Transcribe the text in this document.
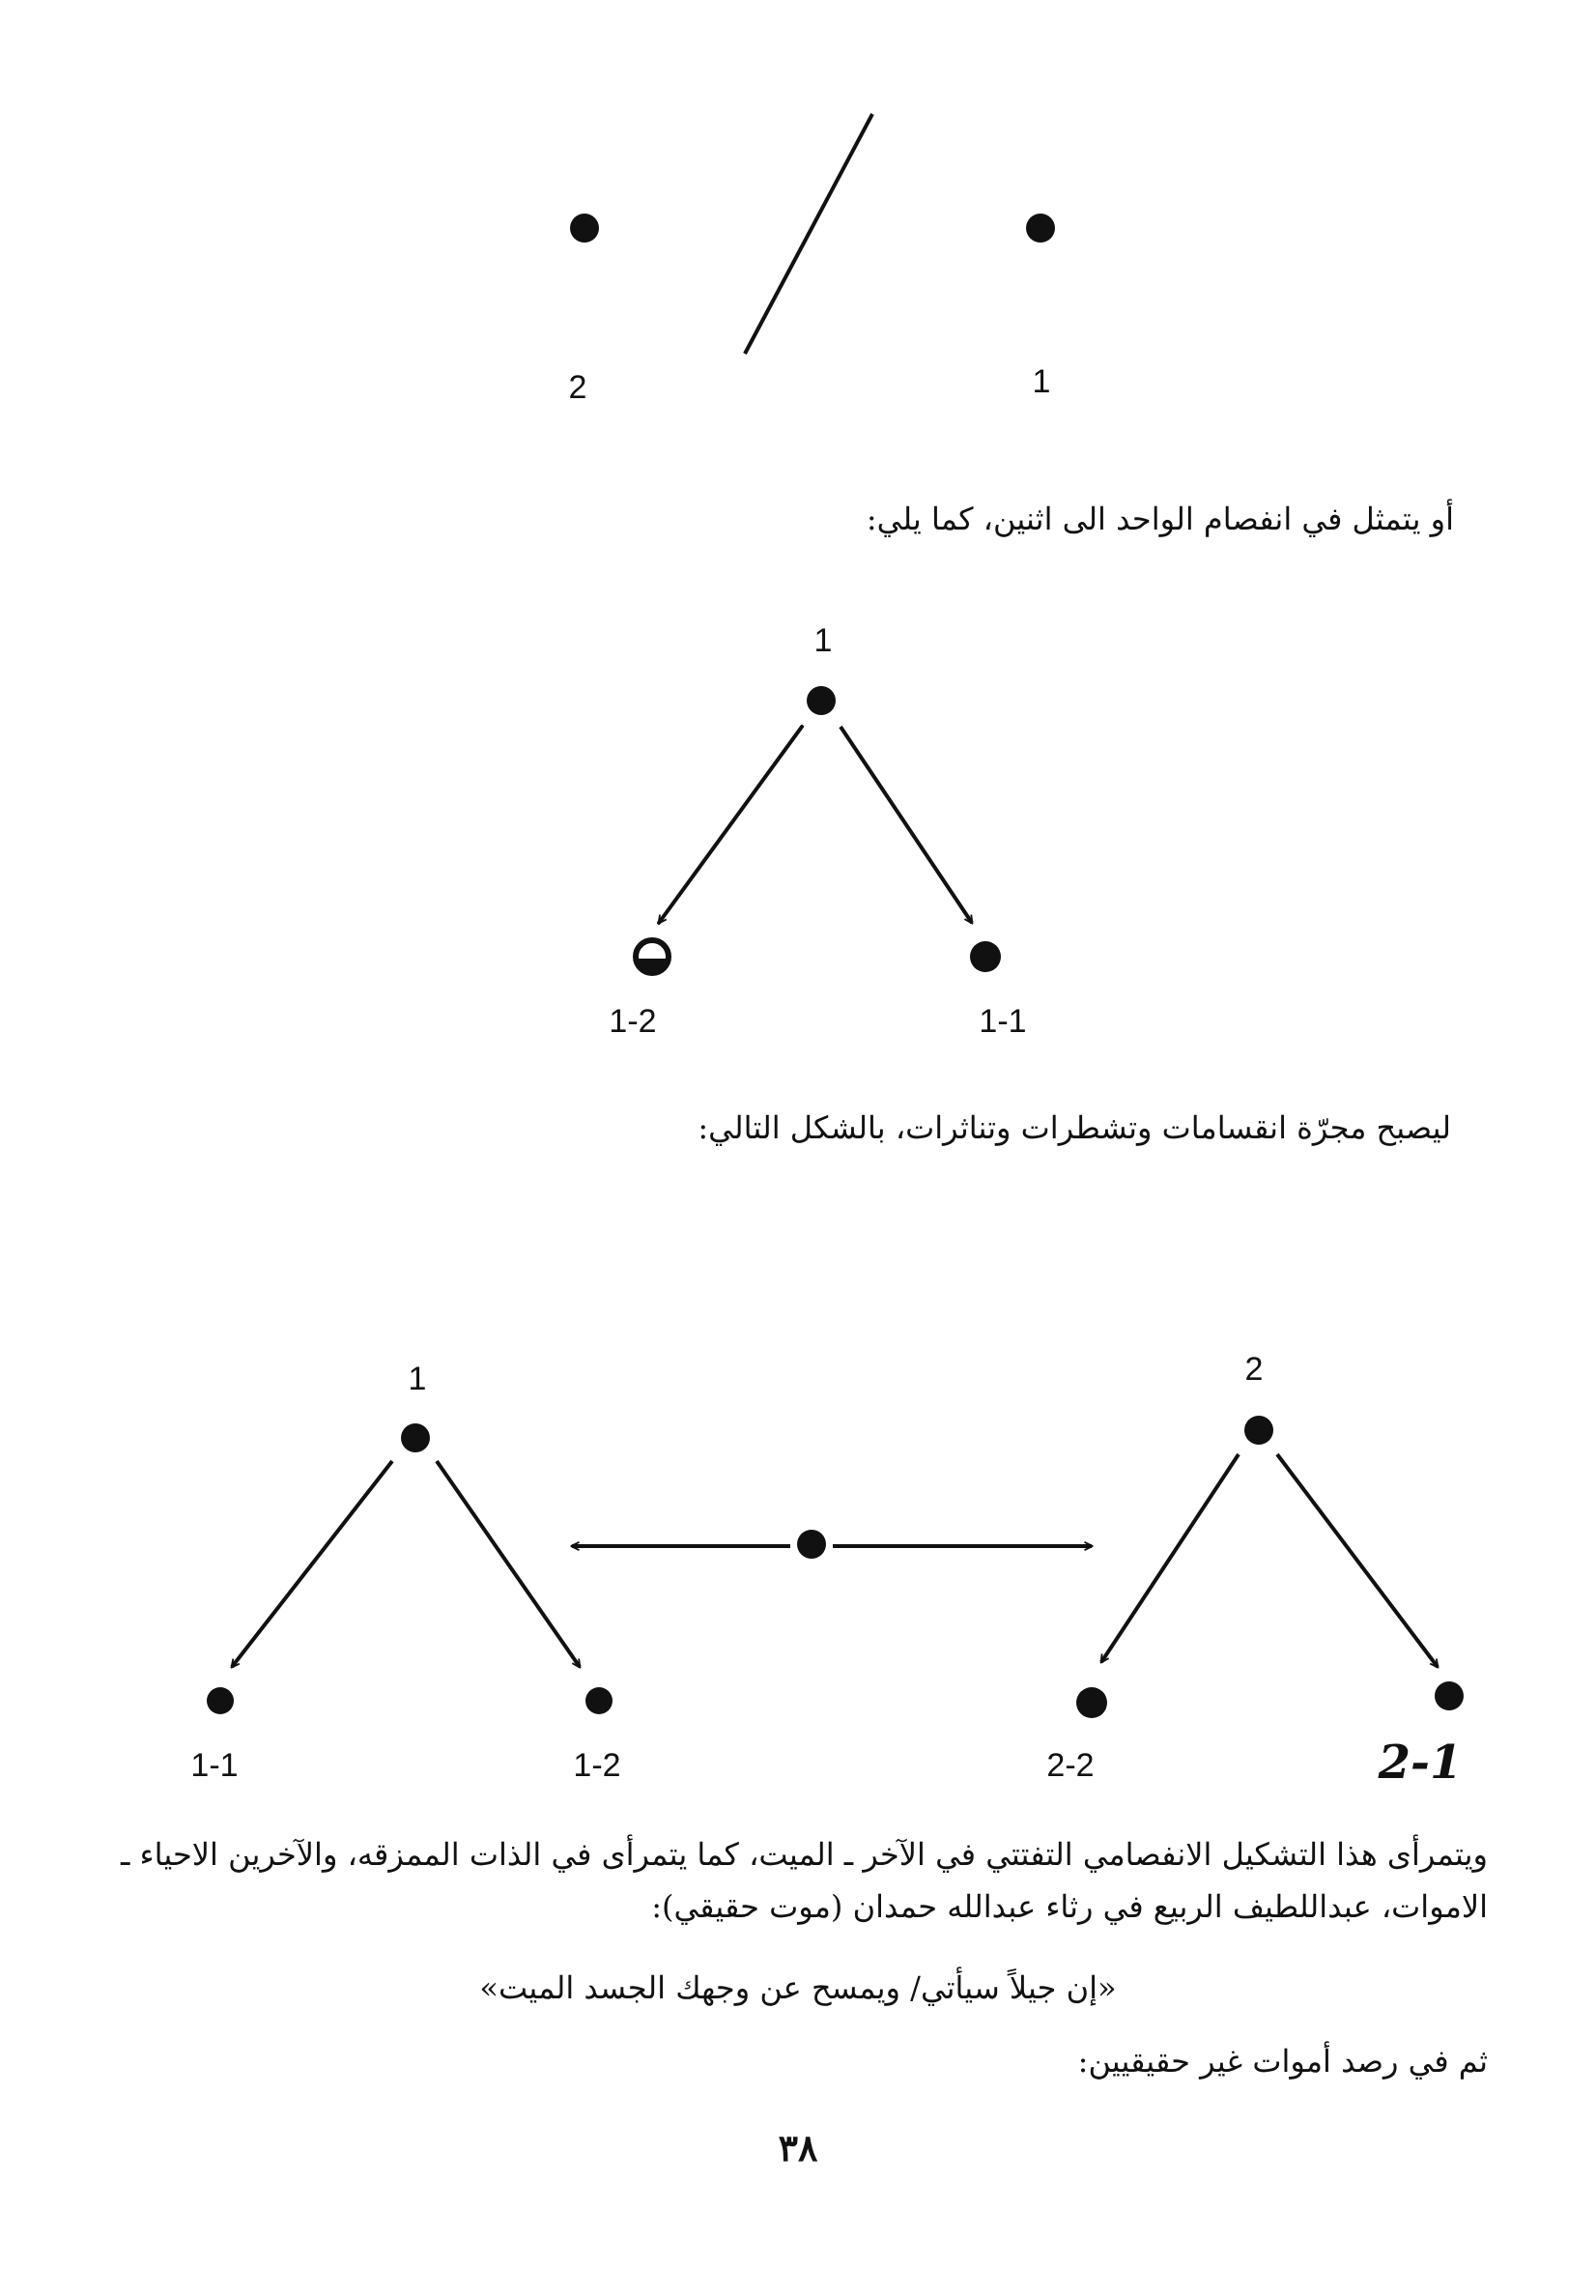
2	1
أو يتمثل في انفصام الواحد الى اثنين، كما يلي:
1
1-2	1-1
ليصبح مجرّة انقسامات وتشطرات وتناثرات، بالشكل التالي:
1
1-1	1-2
2
2-2	2-1
ويتمرأى هذا التشكيل الانفصامي التفتتي في الآخر ـ الميت، كما يتمرأى في الذات الممزقه، والآخرين الاحياء ـ الاموات، عبداللطيف الربيع في رثاء عبدالله حمدان (موت حقيقي):
«إن جيلاً سيأتي/ ويمسح عن وجهك الجسد الميت»
ثم في رصد أموات غير حقيقيين:
٣٨
